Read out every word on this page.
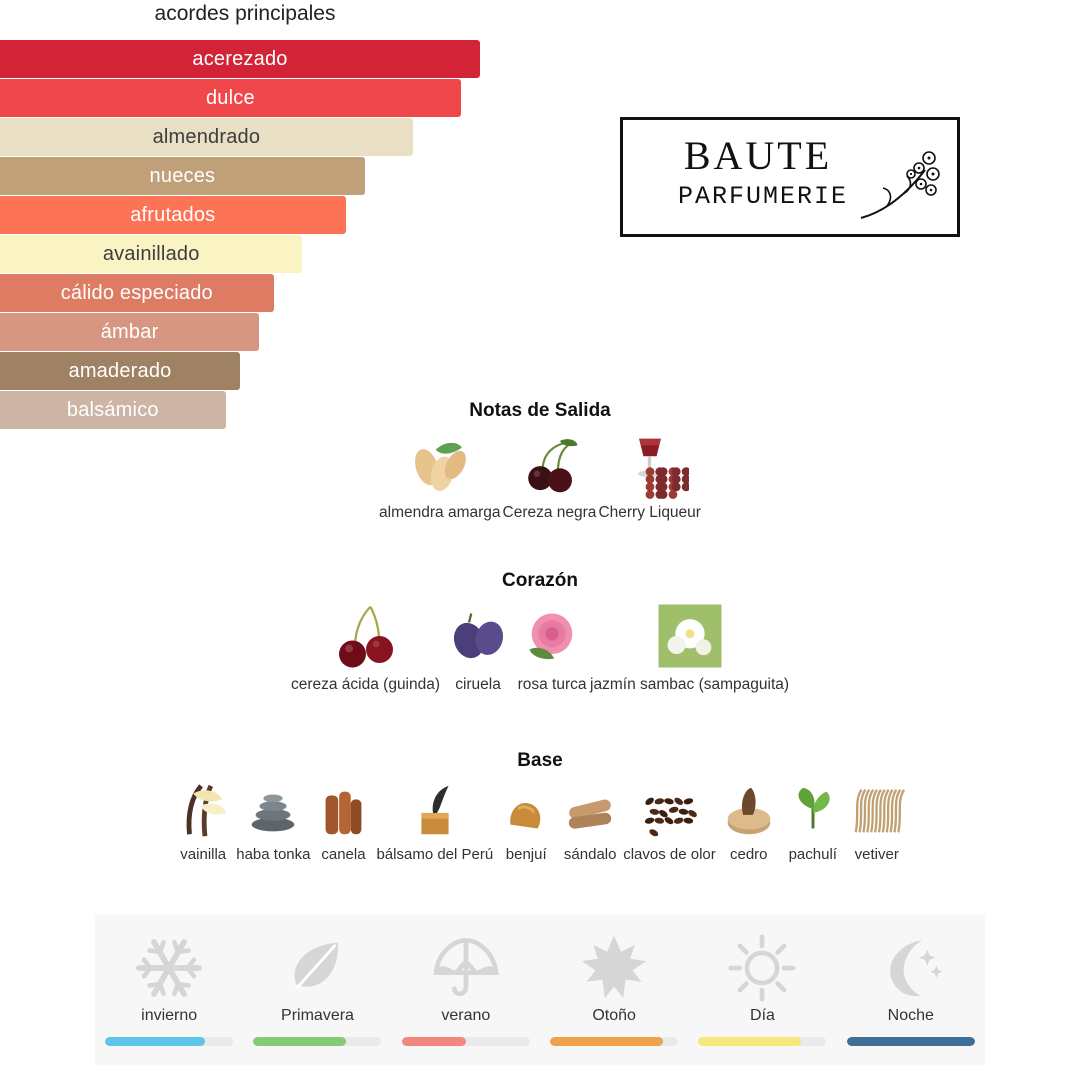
acordes principales
acerezado
dulce
almendrado
nueces
afrutados
avainillado
cálido especiado
ámbar
amaderado
balsámico
BAUTE
PARFUMERIE
Notas de Salida
almendra amarga Cereza negra Cherry Liqueur
Corazón
cereza ácida (guinda) ciruela rosa turca jazmín sambac (sampaguita)
Base
vainilla haba tonka canela bálsamo del Perú benjuí sándalo clavos de olor cedro pachulí vetiver
invierno	Primavera	verano	Otoño	Día	Noche
